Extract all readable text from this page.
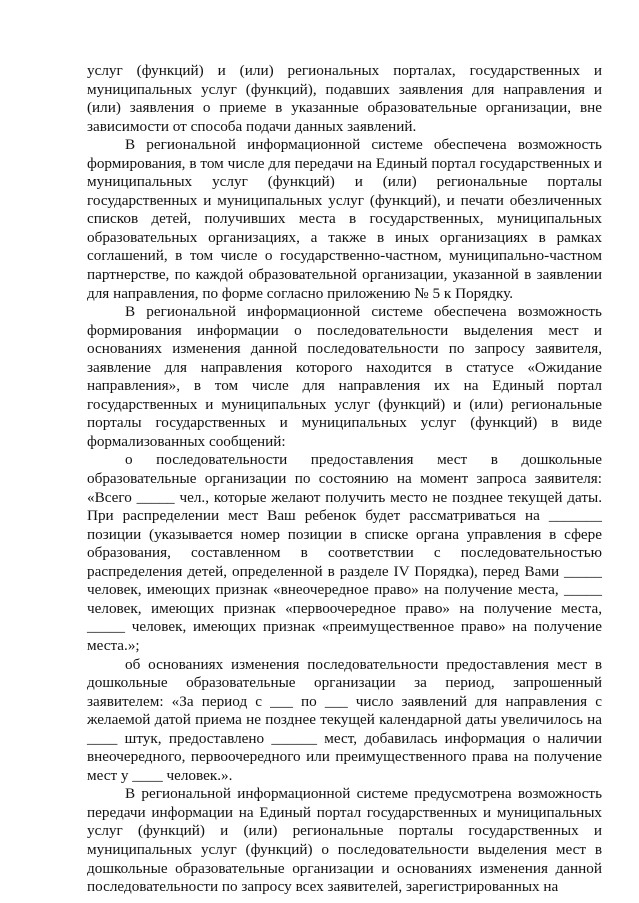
услуг (функций) и (или) региональных порталах, государственных и муниципальных услуг (функций), подавших заявления для направления и (или) заявления о приеме в указанные образовательные организации, вне зависимости от способа подачи данных заявлений.

В региональной информационной системе обеспечена возможность формирования, в том числе для передачи на Единый портал государственных и муниципальных услуг (функций) и (или) региональные порталы государственных и муниципальных услуг (функций), и печати обезличенных списков детей, получивших места в государственных, муниципальных образовательных организациях, а также в иных организациях в рамках соглашений, в том числе о государственно-частном, муниципально-частном партнерстве, по каждой образовательной организации, указанной в заявлении для направления, по форме согласно приложению № 5 к Порядку.

В региональной информационной системе обеспечена возможность формирования информации о последовательности выделения мест и основаниях изменения данной последовательности по запросу заявителя, заявление для направления которого находится в статусе «Ожидание направления», в том числе для направления их на Единый портал государственных и муниципальных услуг (функций) и (или) региональные порталы государственных и муниципальных услуг (функций) в виде формализованных сообщений:

о последовательности предоставления мест в дошкольные образовательные организации по состоянию на момент запроса заявителя: «Всего _____ чел., которые желают получить место не позднее текущей даты. При распределении мест Ваш ребенок будет рассматриваться на _______ позиции (указывается номер позиции в списке органа управления в сфере образования, составленном в соответствии с последовательностью распределения детей, определенной в разделе IV Порядка), перед Вами _____ человек, имеющих признак «внеочередное право» на получение места, _____ человек, имеющих признак «первоочередное право» на получение места, _____ человек, имеющих признак «преимущественное право» на получение места.»;

об основаниях изменения последовательности предоставления мест в дошкольные образовательные организации за период, запрошенный заявителем: «За период с ___ по ___ число заявлений для направления с желаемой датой приема не позднее текущей календарной даты увеличилось на ____ штук, предоставлено ______ мест, добавилась информация о наличии внеочередного, первоочередного или преимущественного права на получение мест у ____ человек.».

В региональной информационной системе предусмотрена возможность передачи информации на Единый портал государственных и муниципальных услуг (функций) и (или) региональные порталы государственных и муниципальных услуг (функций) о последовательности выделения мест в дошкольные образовательные организации и основаниях изменения данной последовательности по запросу всех заявителей, зарегистрированных на
